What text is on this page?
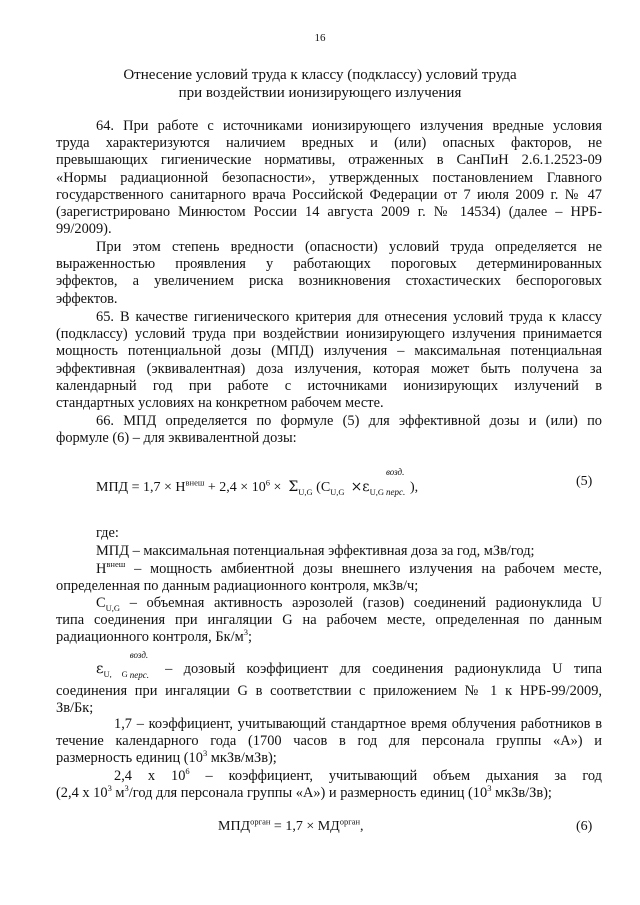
16
Отнесение условий труда к классу (подклассу) условий труда
при воздействии ионизирующего излучения
64. При работе с источниками ионизирующего излучения вредные условия
труда характеризуются наличием вредных и (или) опасных факторов, не
превышающих гигиенические нормативы, отраженных в СанПиН 2.6.1.2523-09
«Нормы радиационной безопасности», утвержденных постановлением Главного
государственного санитарного врача Российской Федерации от 7 июля 2009 г. № 47
(зарегистрировано Минюстом России 14 августа 2009 г. № 14534) (далее – НРБ-
99/2009).
При этом степень вредности (опасности) условий труда определяется не
выраженностью проявления у работающих пороговых детерминированных
эффектов, а увеличением риска возникновения стохастических беспороговых
эффектов.
65. В качестве гигиенического критерия для отнесения условий труда к классу
(подклассу) условий труда при воздействии ионизирующего излучения принимается
мощность потенциальной дозы (МПД) излучения – максимальная потенциальная
эффективная (эквивалентная) доза излучения, которая может быть получена за
календарный год при работе с источниками ионизирующих излучений в
стандартных условиях на конкретном рабочем месте.
66. МПД определяется по формуле (5) для эффективной дозы и (или) по
формуле (6) – для эквивалентной дозы:
МПД = $1,7 \times Н^{внеш} + 2,4 \times 10^6 \times \Sigma_{U,G}$ ($C_{U,G} \times\varepsilon_{U,G}$
возд.
перс. ),	(5)
где:
МПД – максимальная потенциальная эффективная доза за год, мЗв/год;
$Н^{внеш}$ – мощность амбиентной дозы внешнего излучения на рабочем месте,
определенная по данным радиационного контроля, мкЗв/ч;
$C_{U,G}$ – объемная активность аэрозолей (газов) соединений радионуклида U
типа соединения при ингаляции G на рабочем месте, определенная по данным
радиационного контроля, $Бк/м^3$;
$\varepsilon_{U, G}$
возд.
перс. – дозовый коэффициент для соединения радионуклида U типа
соединения при ингаляции G в соответствии с приложением № 1 к НРБ-99/2009,
Зв/Бк;
1,7 – коэффициент, учитывающий стандартное время облучения работников в
течение календарного года (1700 часов в год для персонала группы «А») и
размерность единиц ($10^3$ мкЗв/мЗв);
2,4 х $10^6$ – коэффициент, учитывающий объем дыхания за год
(2,4 х $10^3$ $м^3$/год для персонала группы «А») и размерность единиц ($10^3$ мкЗв/Зв);
$МПД^{орган} = 1,7 \times МД^{орган}$,	(6)
